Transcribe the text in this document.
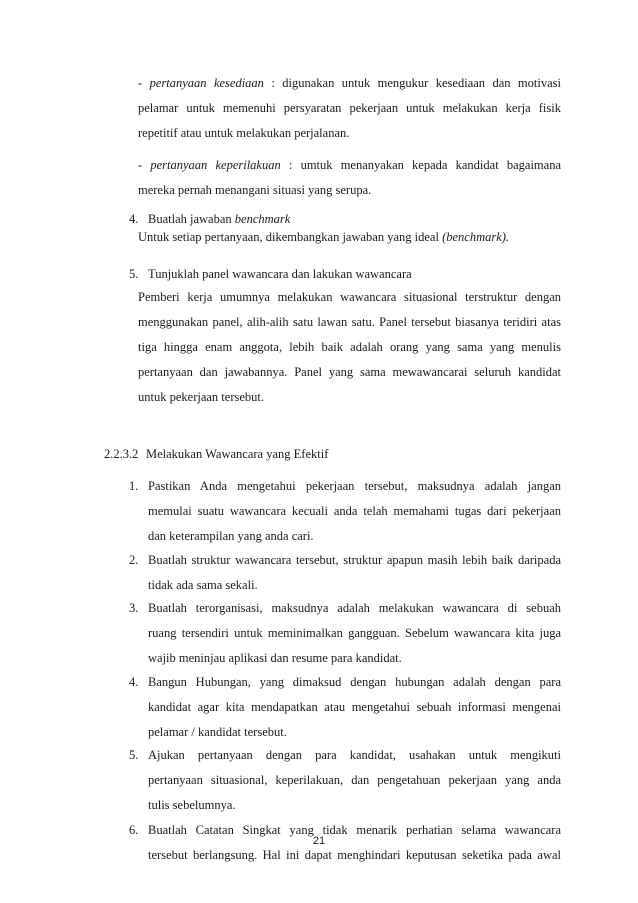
- pertanyaan kesediaan : digunakan untuk mengukur kesediaan dan motivasi
pelamar untuk memenuhi persyaratan pekerjaan untuk melakukan kerja fisik
repetitif atau untuk melakukan perjalanan.
- pertanyaan keperilakuan : umtuk menanyakan kepada kandidat bagaimana
mereka pernah menangani situasi yang serupa.
4. Buatlah jawaban benchmark
Untuk setiap pertanyaan, dikembangkan jawaban yang ideal (benchmark).
5. Tunjuklah panel wawancara dan lakukan wawancara
Pemberi kerja umumnya melakukan wawancara situasional terstruktur dengan
menggunakan panel, alih-alih satu lawan satu. Panel tersebut biasanya teridiri atas
tiga hingga enam anggota, lebih baik adalah orang yang sama yang menulis
pertanyaan dan jawabannya. Panel yang sama mewawancarai seluruh kandidat
untuk pekerjaan tersebut.
2.2.3.2 Melakukan Wawancara yang Efektif
1. Pastikan Anda mengetahui pekerjaan tersebut, maksudnya adalah jangan
memulai suatu wawancara kecuali anda telah memahami tugas dari pekerjaan
dan keterampilan yang anda cari.
2. Buatlah struktur wawancara tersebut, struktur apapun masih lebih baik daripada
tidak ada sama sekali.
3. Buatlah terorganisasi, maksudnya adalah melakukan wawancara di sebuah
ruang tersendiri untuk meminimalkan gangguan. Sebelum wawancara kita juga
wajib meninjau aplikasi dan resume para kandidat.
4. Bangun Hubungan, yang dimaksud dengan hubungan adalah dengan para
kandidat agar kita mendapatkan atau mengetahui sebuah informasi mengenai
pelamar / kandidat tersebut.
5. Ajukan pertanyaan dengan para kandidat, usahakan untuk mengikuti
pertanyaan situasional, keperilakuan, dan pengetahuan pekerjaan yang anda
tulis sebelumnya.
6. Buatlah Catatan Singkat yang tidak menarik perhatian selama wawancara
tersebut berlangsung. Hal ini dapat menghindari keputusan seketika pada awal
21
